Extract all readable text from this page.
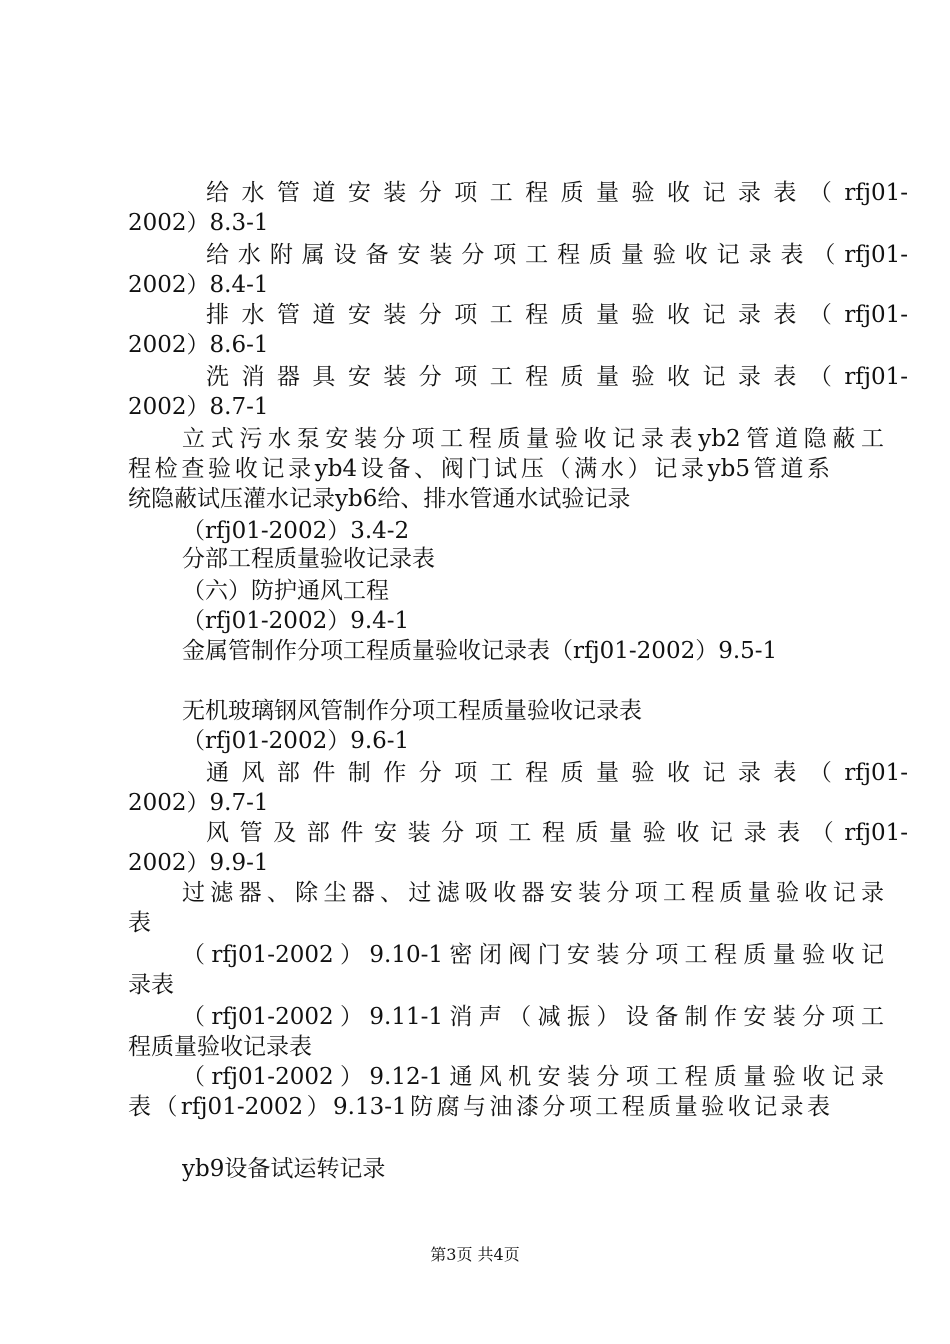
给水管道安装分项工程质量验收记录表（rfj01-
2002）8.3-1
给水附属设备安装分项工程质量验收记录表（rfj01-
2002）8.4-1
排水管道安装分项工程质量验收记录表（rfj01-
2002）8.6-1
洗消器具安装分项工程质量验收记录表（rfj01-
2002）8.7-1
立式污水泵安装分项工程质量验收记录表yb2管道隐蔽工
程检查验收记录yb4设备、阀门试压（满水）记录yb5管道系
统隐蔽试压灌水记录yb6给、排水管通水试验记录
（rfj01-2002）3.4-2
分部工程质量验收记录表
（六）防护通风工程
（rfj01-2002）9.4-1
金属管制作分项工程质量验收记录表（rfj01-2002）9.5-1
无机玻璃钢风管制作分项工程质量验收记录表
（rfj01-2002）9.6-1
通风部件制作分项工程质量验收记录表（rfj01-
2002）9.7-1
风管及部件安装分项工程质量验收记录表（rfj01-
2002）9.9-1
过滤器、除尘器、过滤吸收器安装分项工程质量验收记录
表
（rfj01-2002）9.10-1密闭阀门安装分项工程质量验收记
录表
（rfj01-2002）9.11-1消声（减振）设备制作安装分项工
程质量验收记录表
（rfj01-2002）9.12-1通风机安装分项工程质量验收记录
表（rfj01-2002）9.13-1防腐与油漆分项工程质量验收记录表
yb9设备试运转记录
第3页 共4页
